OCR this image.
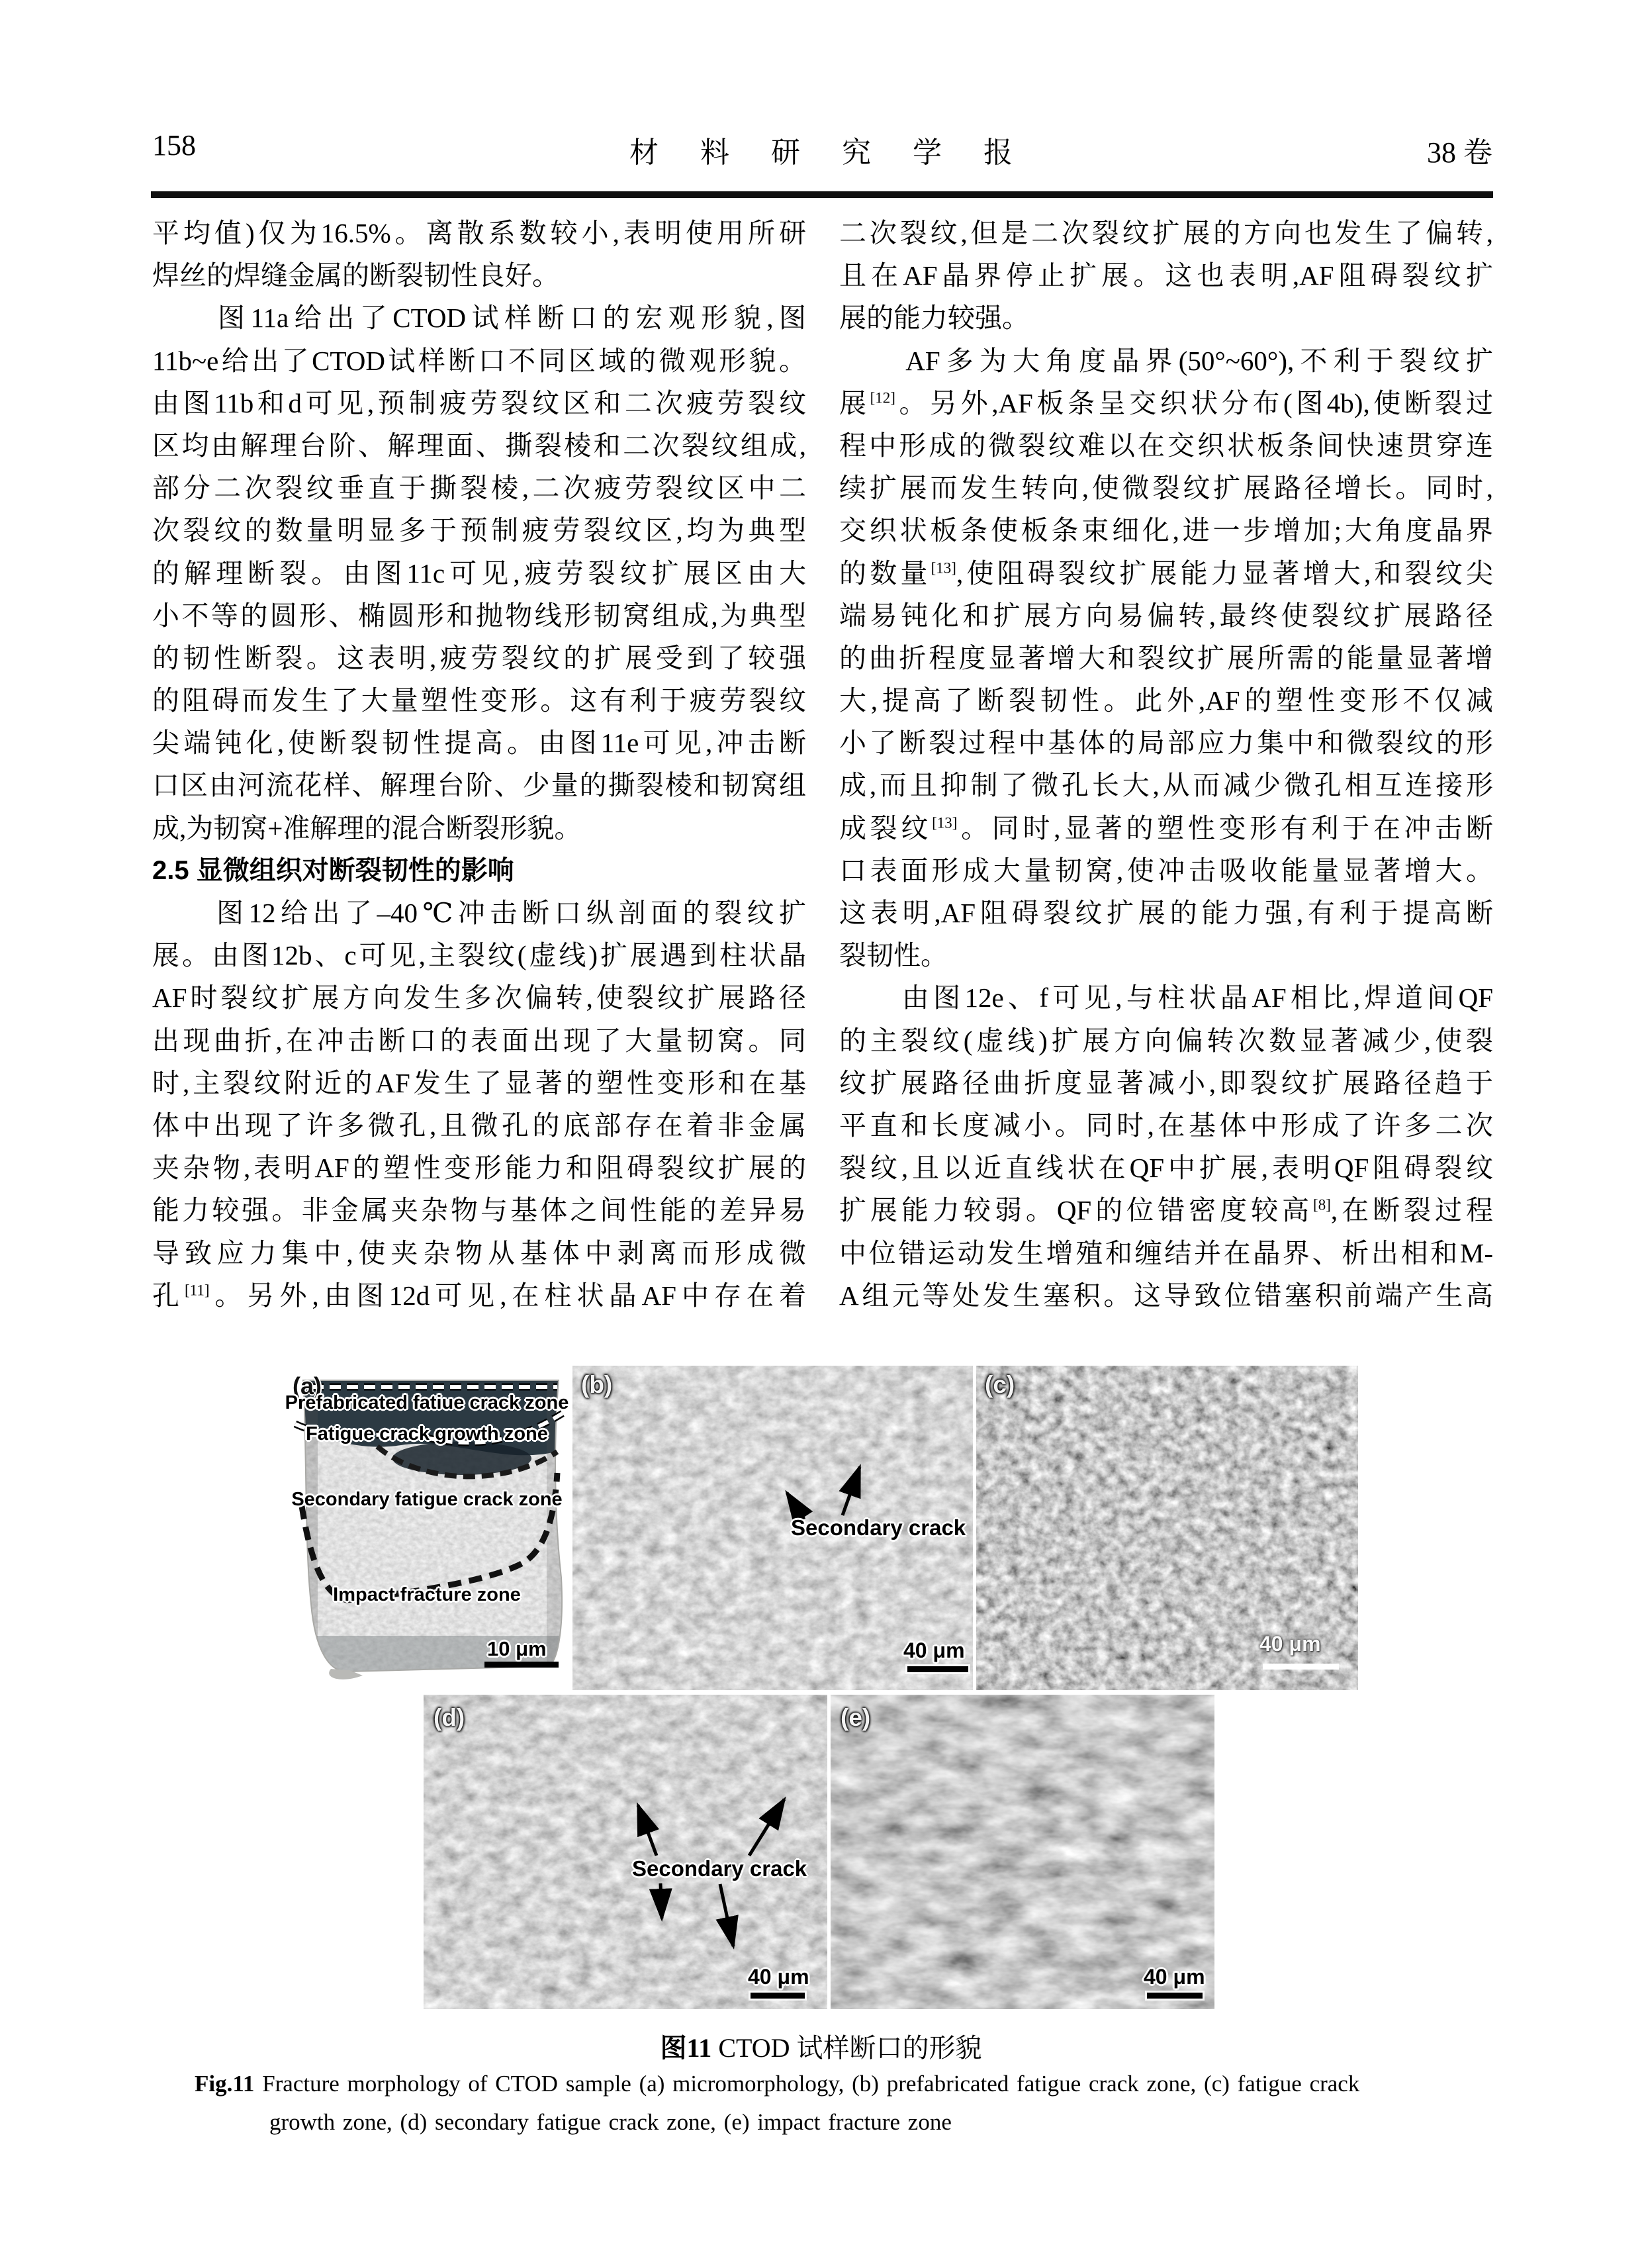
158	材 料 研 究 学 报	38 卷
平均值)仅为16.5%。离散系数较小,表明使用所研
焊丝的焊缝金属的断裂韧性良好。
　　图11a给出了CTOD试样断口的宏观形貌,图
11b~e给出了CTOD试样断口不同区域的微观形貌。
由图11b和d可见,预制疲劳裂纹区和二次疲劳裂纹
区均由解理台阶、解理面、撕裂棱和二次裂纹组成,
部分二次裂纹垂直于撕裂棱,二次疲劳裂纹区中二
次裂纹的数量明显多于预制疲劳裂纹区,均为典型
的解理断裂。由图11c可见,疲劳裂纹扩展区由大
小不等的圆形、椭圆形和抛物线形韧窝组成,为典型
的韧性断裂。这表明,疲劳裂纹的扩展受到了较强
的阻碍而发生了大量塑性变形。这有利于疲劳裂纹
尖端钝化,使断裂韧性提高。由图11e可见,冲击断
口区由河流花样、解理台阶、少量的撕裂棱和韧窝组
成,为韧窝+准解理的混合断裂形貌。
2.5 显微组织对断裂韧性的影响
　　图12给出了–40℃冲击断口纵剖面的裂纹扩
展。由图12b、c可见,主裂纹(虚线)扩展遇到柱状晶
AF时裂纹扩展方向发生多次偏转,使裂纹扩展路径
出现曲折,在冲击断口的表面出现了大量韧窝。同
时,主裂纹附近的AF发生了显著的塑性变形和在基
体中出现了许多微孔,且微孔的底部存在着非金属
夹杂物,表明AF的塑性变形能力和阻碍裂纹扩展的
能力较强。非金属夹杂物与基体之间性能的差异易
导致应力集中,使夹杂物从基体中剥离而形成微
孔[11]。另外,由图12d可见,在柱状晶AF中存在着
二次裂纹,但是二次裂纹扩展的方向也发生了偏转,
且在AF晶界停止扩展。这也表明,AF阻碍裂纹扩
展的能力较强。
　　AF多为大角度晶界(50°~60°),不利于裂纹扩
展[12]。另外,AF板条呈交织状分布(图4b),使断裂过
程中形成的微裂纹难以在交织状板条间快速贯穿连
续扩展而发生转向,使微裂纹扩展路径增长。同时,
交织状板条使板条束细化,进一步增加;大角度晶界
的数量[13],使阻碍裂纹扩展能力显著增大,和裂纹尖
端易钝化和扩展方向易偏转,最终使裂纹扩展路径
的曲折程度显著增大和裂纹扩展所需的能量显著增
大,提高了断裂韧性。此外,AF的塑性变形不仅减
小了断裂过程中基体的局部应力集中和微裂纹的形
成,而且抑制了微孔长大,从而减少微孔相互连接形
成裂纹[13]。同时,显著的塑性变形有利于在冲击断
口表面形成大量韧窝,使冲击吸收能量显著增大。
这表明,AF阻碍裂纹扩展的能力强,有利于提高断
裂韧性。
　　由图12e、f可见,与柱状晶AF相比,焊道间QF
的主裂纹(虚线)扩展方向偏转次数显著减少,使裂
纹扩展路径曲折度显著减小,即裂纹扩展路径趋于
平直和长度减小。同时,在基体中形成了许多二次
裂纹,且以近直线状在QF中扩展,表明QF阻碍裂纹
扩展能力较弱。QF的位错密度较高[8],在断裂过程
中位错运动发生增殖和缠结并在晶界、析出相和M-
A组元等处发生塞积。这导致位错塞积前端产生高
(a)
Prefabricated fatiue crack zone
Fatigue crack growth zone
Secondary fatigue crack zone
Impact fracture zone
10 μm
(b)
Secondary crack
40 μm
(c)
40 μm
(d)
Secondary crack
40 μm
(e)
40 μm
图11 CTOD 试样断口的形貌
Fig.11 Fracture morphology of CTOD sample (a) micromorphology, (b) prefabricated fatigue crack zone, (c) fatigue crack
growth zone, (d) secondary fatigue crack zone, (e) impact fracture zone
